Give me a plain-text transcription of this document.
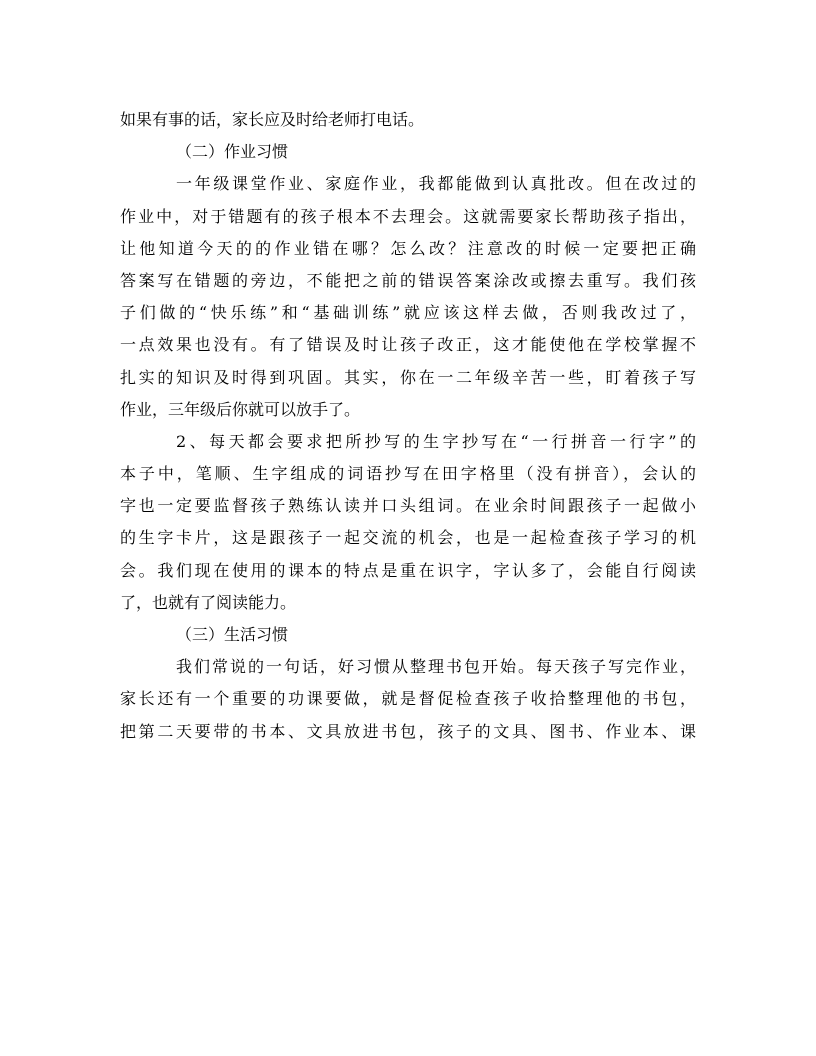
如果有事的话，家长应及时给老师打电话。
（二）作业习惯
一年级课堂作业、家庭作业，我都能做到认真批改。但在改过的
作业中，对于错题有的孩子根本不去理会。这就需要家长帮助孩子指出，
让他知道今天的的作业错在哪？怎么改？注意改的时候一定要把正确
答案写在错题的旁边，不能把之前的错误答案涂改或擦去重写。我们孩
子们做的“快乐练”和“基础训练”就应该这样去做，否则我改过了，
一点效果也没有。有了错误及时让孩子改正，这才能使他在学校掌握不
扎实的知识及时得到巩固。其实，你在一二年级辛苦一些，盯着孩子写
作业，三年级后你就可以放手了。
2、每天都会要求把所抄写的生字抄写在“一行拼音一行字”的
本子中，笔顺、生字组成的词语抄写在田字格里（没有拼音），会认的
字也一定要监督孩子熟练认读并口头组词。在业余时间跟孩子一起做小
的生字卡片，这是跟孩子一起交流的机会，也是一起检查孩子学习的机
会。我们现在使用的课本的特点是重在识字，字认多了，会能自行阅读
了，也就有了阅读能力。
（三）生活习惯
我们常说的一句话，好习惯从整理书包开始。每天孩子写完作业，
家长还有一个重要的功课要做，就是督促检查孩子收拾整理他的书包，
把第二天要带的书本、文具放进书包，孩子的文具、图书、作业本、课
